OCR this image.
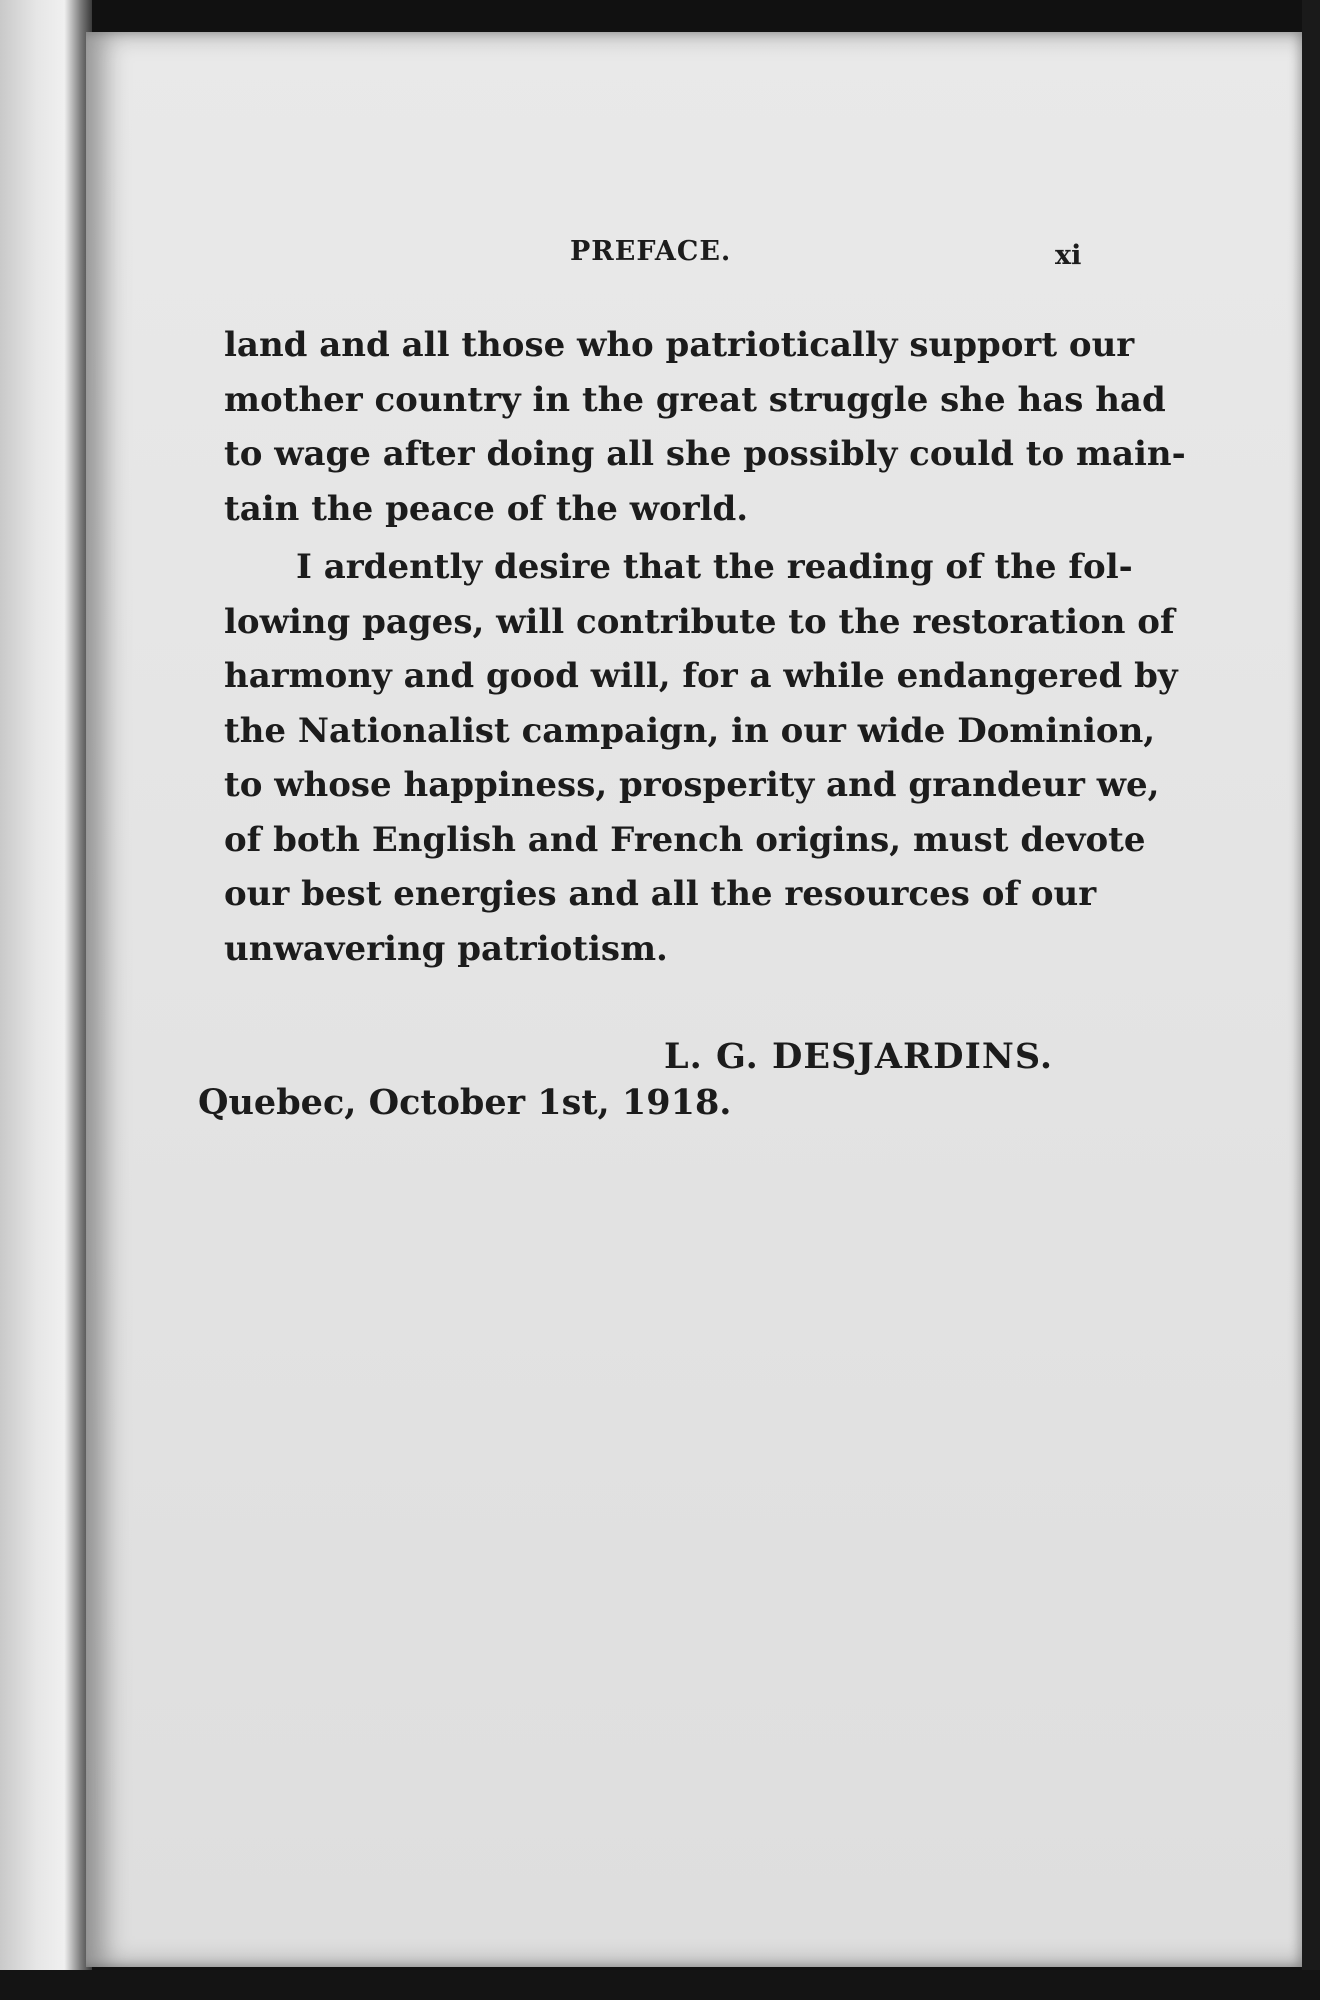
PREFACE.	xi
land and all those who patriotically support our
mother country in the great struggle she has had
to wage after doing all she possibly could to main-
tain the peace of the world.
I ardently desire that the reading of the fol-
lowing pages, will contribute to the restoration of
harmony and good will, for a while endangered by
the Nationalist campaign, in our wide Dominion,
to whose happiness, prosperity and grandeur we,
of both English and French origins, must devote
our best energies and all the resources of our
unwavering patriotism.
L. G. DESJARDINS.
Quebec, October 1st, 1918.
